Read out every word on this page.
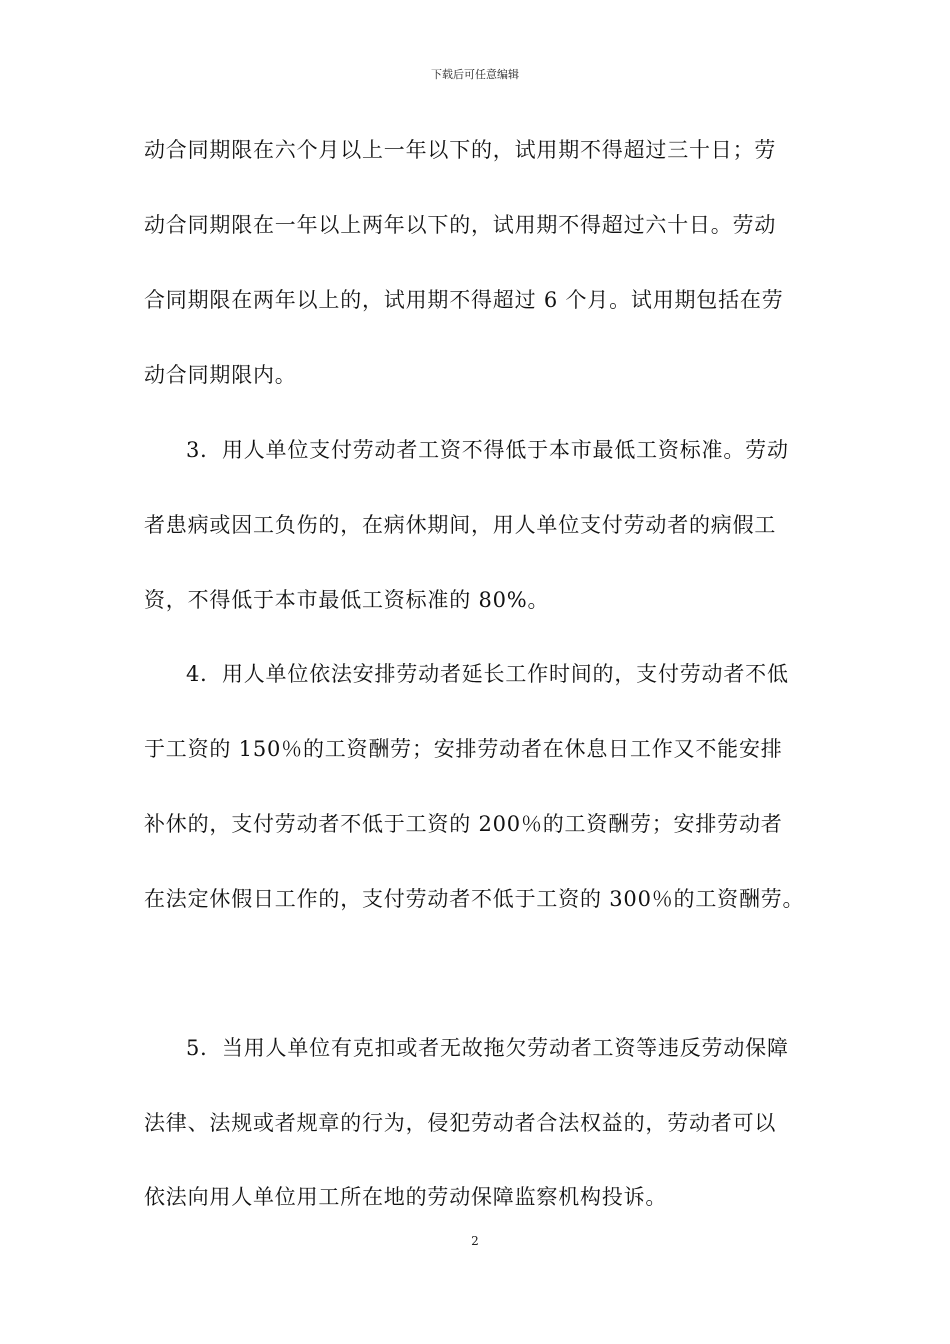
下载后可任意编辑
动合同期限在六个月以上一年以下的，试用期不得超过三十日；劳
动合同期限在一年以上两年以下的，试用期不得超过六十日。劳动
合同期限在两年以上的，试用期不得超过 6 个月。试用期包括在劳
动合同期限内。
3．用人单位支付劳动者工资不得低于本市最低工资标准。劳动
者患病或因工负伤的，在病休期间，用人单位支付劳动者的病假工
资，不得低于本市最低工资标准的 80%。
4．用人单位依法安排劳动者延长工作时间的，支付劳动者不低
于工资的 150％的工资酬劳；安排劳动者在休息日工作又不能安排
补休的，支付劳动者不低于工资的 200％的工资酬劳；安排劳动者
在法定休假日工作的，支付劳动者不低于工资的 300％的工资酬劳。
5．当用人单位有克扣或者无故拖欠劳动者工资等违反劳动保障
法律、法规或者规章的行为，侵犯劳动者合法权益的，劳动者可以
依法向用人单位用工所在地的劳动保障监察机构投诉。
2
